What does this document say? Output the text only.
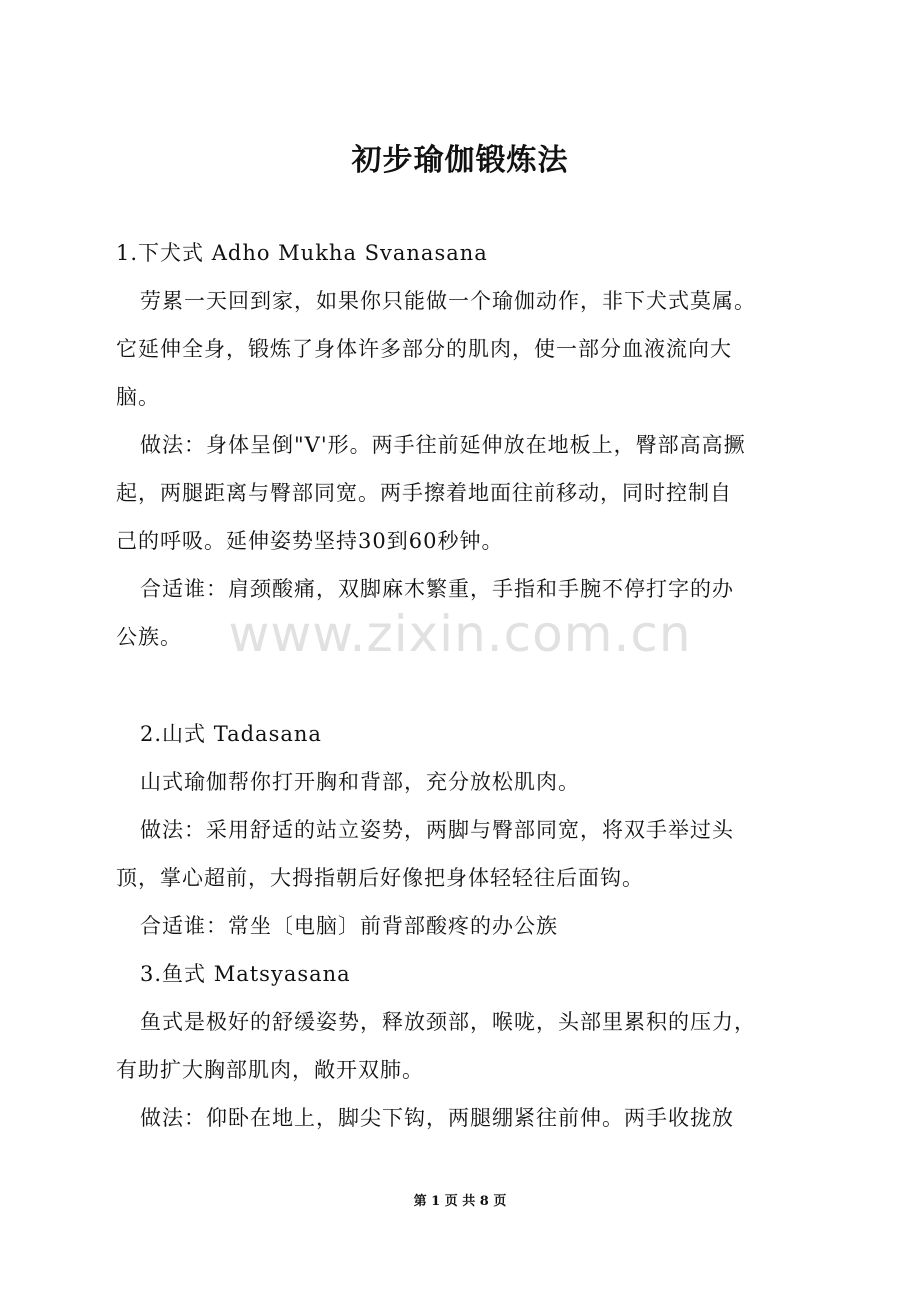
初步瑜伽锻炼法
1.下犬式 Adho Mukha Svanasana
劳累一天回到家，如果你只能做一个瑜伽动作，非下犬式莫属。
它延伸全身，锻炼了身体许多部分的肌肉，使一部分血液流向大
脑。
做法：身体呈倒"V'形。两手往前延伸放在地板上，臀部高高撅
起，两腿距离与臀部同宽。两手擦着地面往前移动，同时控制自
己的呼吸。延伸姿势坚持30到60秒钟。
合适谁：肩颈酸痛，双脚麻木繁重，手指和手腕不停打字的办
公族。
2.山式 Tadasana
山式瑜伽帮你打开胸和背部，充分放松肌肉。
做法：采用舒适的站立姿势，两脚与臀部同宽，将双手举过头
顶，掌心超前，大拇指朝后好像把身体轻轻往后面钩。
合适谁：常坐〔电脑〕前背部酸疼的办公族
3.鱼式 Matsyasana
鱼式是极好的舒缓姿势，释放颈部，喉咙，头部里累积的压力，
有助扩大胸部肌肉，敞开双肺。
做法：仰卧在地上，脚尖下钩，两腿绷紧往前伸。两手收拢放
www.zixin.com.cn
第 1 页 共 8 页
